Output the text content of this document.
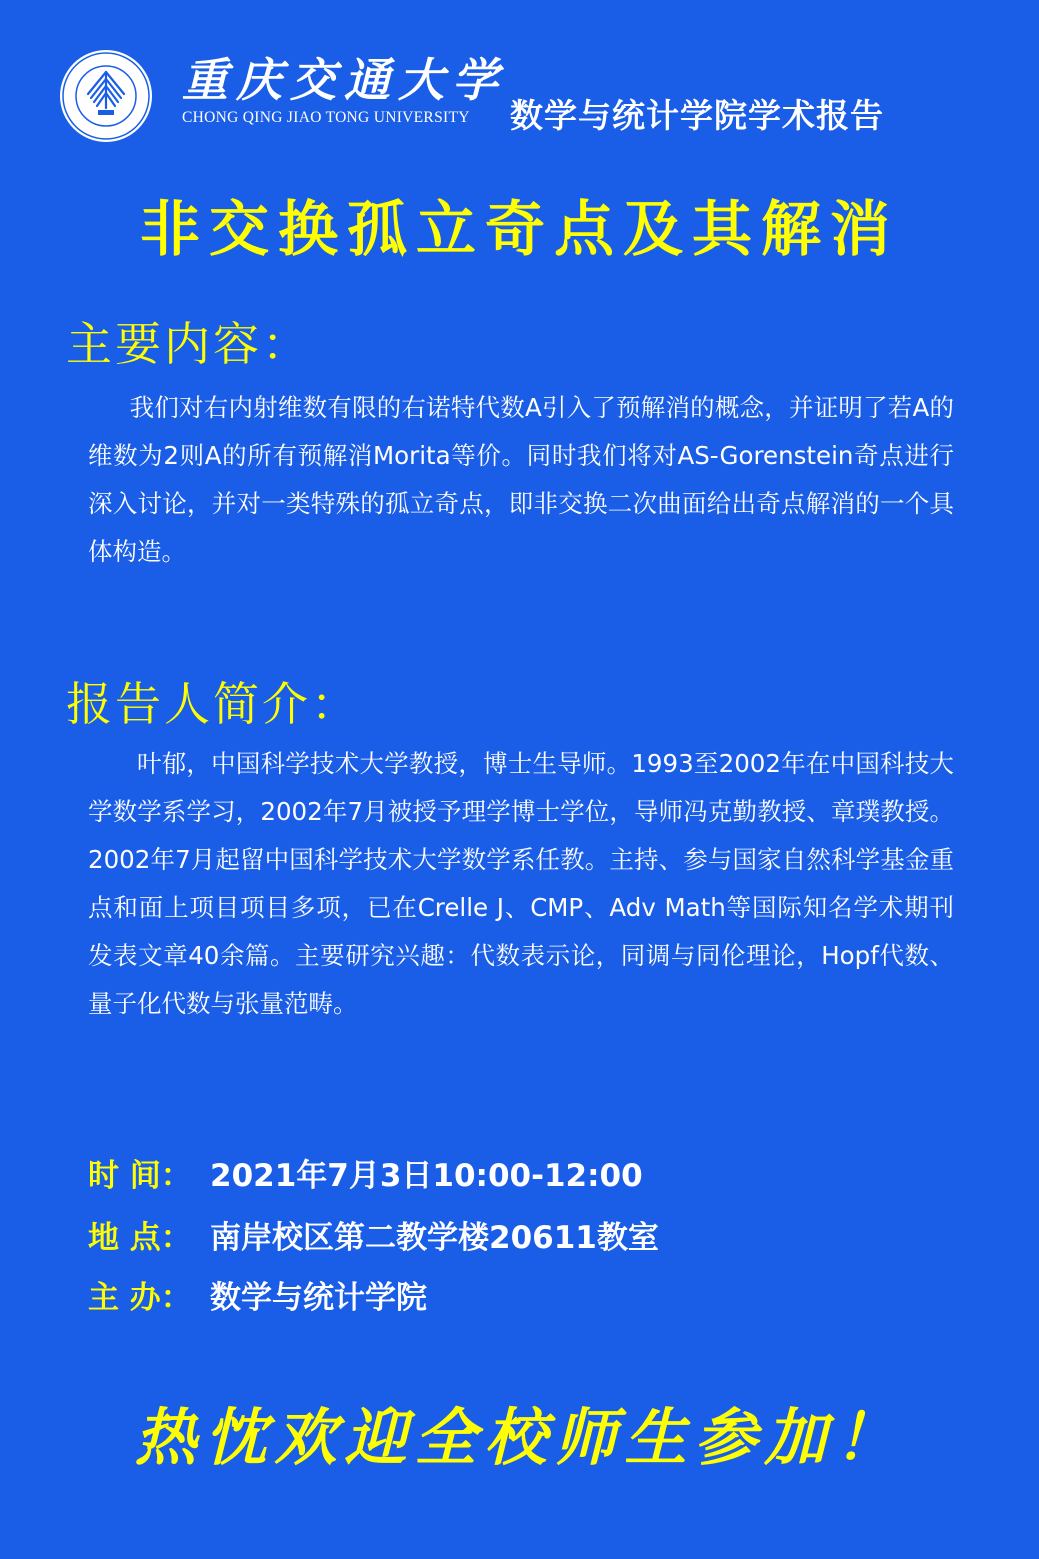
重庆交通大学
CHONG QING JIAO TONG UNIVERSITY	数学与统计学院学术报告
非交换孤立奇点及其解消
主要内容：

我们对右内射维数有限的右诺特代数A引入了预解消的概念，并证明了若A的维数为2则A的所有预解消Morita等价。同时我们将对AS-Gorenstein奇点进行深入讨论，并对一类特殊的孤立奇点，即非交换二次曲面给出奇点解消的一个具体构造。

报告人简介：

叶郁，中国科学技术大学教授，博士生导师。1993至2002年在中国科技大学数学系学习，2002年7月被授予理学博士学位，导师冯克勤教授、章璞教授。2002年7月起留中国科学技术大学数学系任教。主持、参与国家自然科学基金重点和面上项目项目多项，已在Crelle J、CMP、Adv Math等国际知名学术期刊发表文章40余篇。主要研究兴趣：代数表示论，同调与同伦理论，Hopf代数、量子化代数与张量范畴。

时 间： 2021年7月3日10:00-12:00
地 点： 南岸校区第二教学楼20611教室
主 办： 数学与统计学院
热忱欢迎全校师生参加！
